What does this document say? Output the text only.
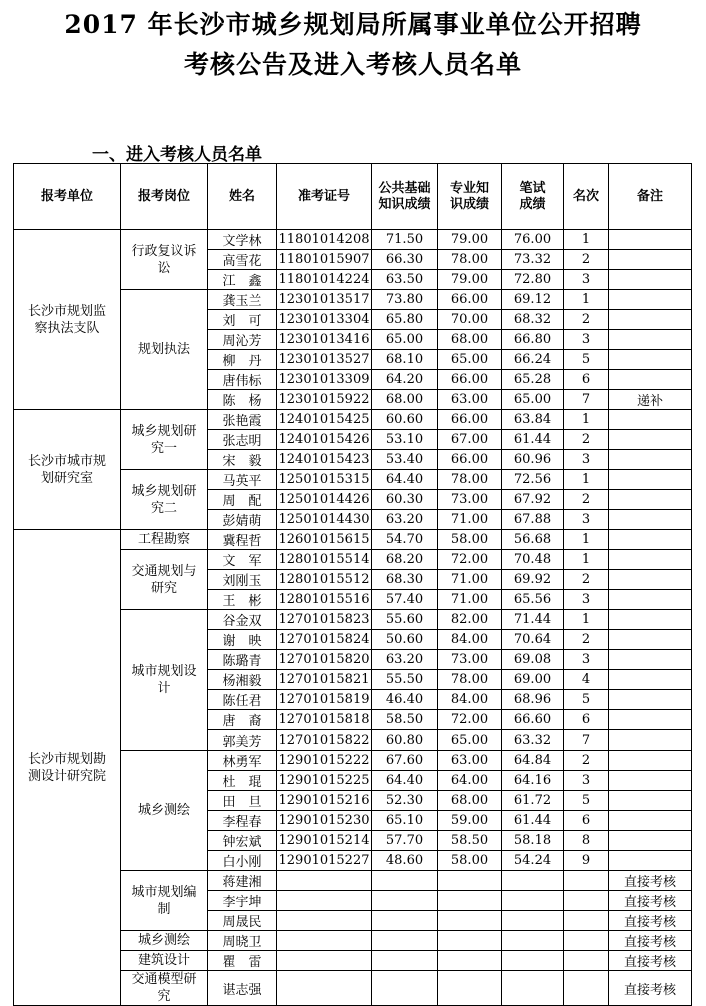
2017 年长沙市城乡规划局所属事业单位公开招聘
考核公告及进入考核人员名单
一、进入考核人员名单
报考单位	报考岗位	姓名	准考证号	公共基础知识成绩	专业知识成绩	笔试成绩	名次	备注
长沙市规划监察执法支队	行政复议诉讼	文学林	11801014208	71.50	79.00	76.00	1	
		高雪花	11801015907	66.30	78.00	73.32	2	
		江　鑫	11801014224	63.50	79.00	72.80	3	
	规划执法	龚玉兰	12301013517	73.80	66.00	69.12	1	
		刘　可	12301013304	65.80	70.00	68.32	2	
		周沁芳	12301013416	65.00	68.00	66.80	3	
		柳　丹	12301013527	68.10	65.00	66.24	5	
		唐伟标	12301013309	64.20	66.00	65.28	6	
		陈　杨	12301015922	68.00	63.00	65.00	7	递补
长沙市城市规划研究室	城乡规划研究一	张艳霞	12401015425	60.60	66.00	63.84	1	
		张志明	12401015426	53.10	67.00	61.44	2	
		宋　毅	12401015423	53.40	66.00	60.96	3	
	城乡规划研究二	马英平	12501015315	64.40	78.00	72.56	1	
		周　配	12501014426	60.30	73.00	67.92	2	
		彭婧萌	12501014430	63.20	71.00	67.88	3	
长沙市规划勘测设计研究院	工程勘察	冀程哲	12601015615	54.70	58.00	56.68	1	
	交通规划与研究	文　军	12801015514	68.20	72.00	70.48	1	
		刘刚玉	12801015512	68.30	71.00	69.92	2	
		王　彬	12801015516	57.40	71.00	65.56	3	
	城市规划设计	谷金双	12701015823	55.60	82.00	71.44	1	
		谢　映	12701015824	50.60	84.00	70.64	2	
		陈璐青	12701015820	63.20	73.00	69.08	3	
		杨湘毅	12701015821	55.50	78.00	69.00	4	
		陈任君	12701015819	46.40	84.00	68.96	5	
		唐　裔	12701015818	58.50	72.00	66.60	6	
		郭美芳	12701015822	60.80	65.00	63.32	7	
	城乡测绘	林勇军	12901015222	67.60	63.00	64.84	2	
		杜　琨	12901015225	64.40	64.00	64.16	3	
		田　旦	12901015216	52.30	68.00	61.72	5	
		李程春	12901015230	65.10	59.00	61.44	6	
		钟宏斌	12901015214	57.70	58.50	58.18	8	
		白小刚	12901015227	48.60	58.00	54.24	9	
	城市规划编制	蒋建湘						直接考核
		李宇坤						直接考核
		周晟民						直接考核
	城乡测绘	周晓卫						直接考核
	建筑设计	瞿　雷						直接考核
	交通模型研究	谌志强						直接考核
